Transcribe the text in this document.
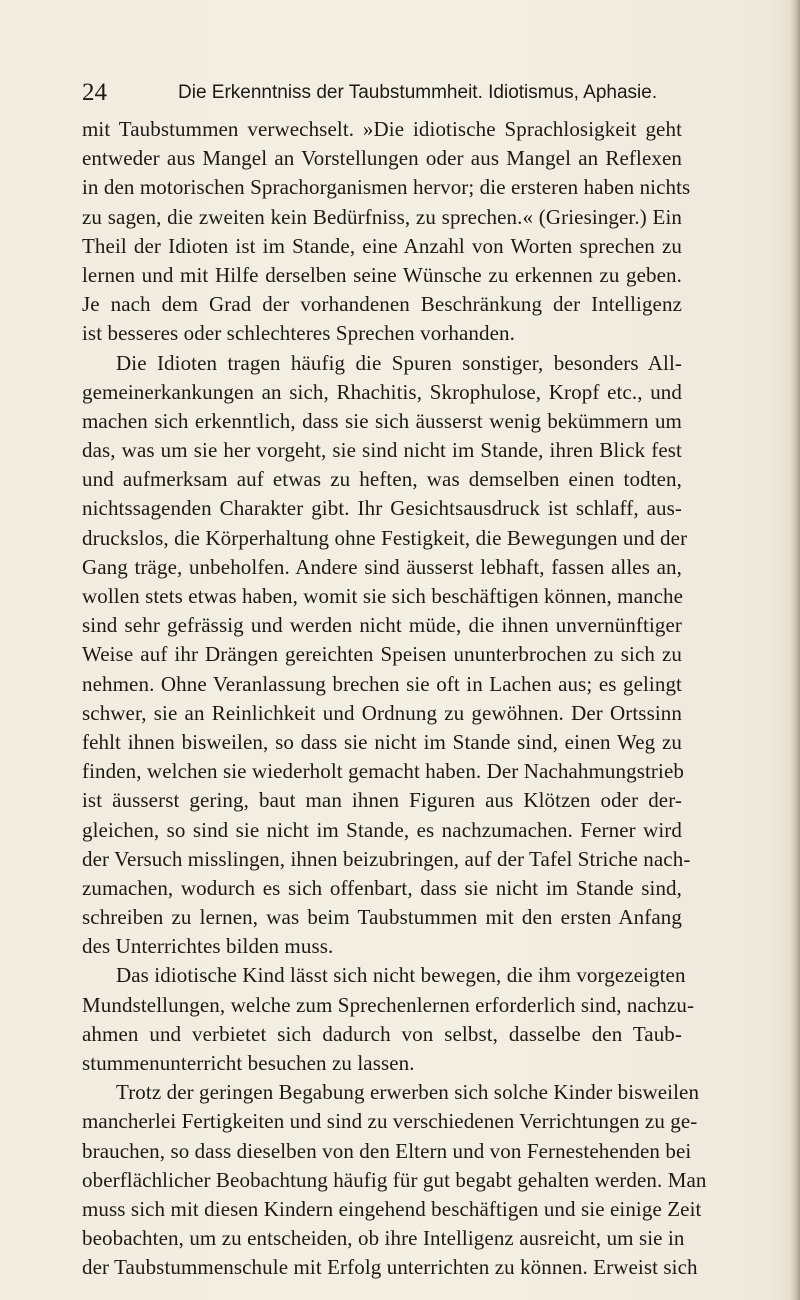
24	Die Erkenntniss der Taubstummheit. Idiotismus, Aphasie.
mit Taubstummen verwechselt. »Die idiotische Sprachlosigkeit geht
entweder aus Mangel an Vorstellungen oder aus Mangel an Reflexen
in den motorischen Sprachorganismen hervor; die ersteren haben nichts
zu sagen, die zweiten kein Bedürfniss, zu sprechen.« (Griesinger.) Ein
Theil der Idioten ist im Stande, eine Anzahl von Worten sprechen zu
lernen und mit Hilfe derselben seine Wünsche zu erkennen zu geben.
Je nach dem Grad der vorhandenen Beschränkung der Intelligenz
ist besseres oder schlechteres Sprechen vorhanden.
Die Idioten tragen häufig die Spuren sonstiger, besonders All-
gemeinerkankungen an sich, Rhachitis, Skrophulose, Kropf etc., und
machen sich erkenntlich, dass sie sich äusserst wenig bekümmern um
das, was um sie her vorgeht, sie sind nicht im Stande, ihren Blick fest
und aufmerksam auf etwas zu heften, was demselben einen todten,
nichtssagenden Charakter gibt. Ihr Gesichtsausdruck ist schlaff, aus-
druckslos, die Körperhaltung ohne Festigkeit, die Bewegungen und der
Gang träge, unbeholfen. Andere sind äusserst lebhaft, fassen alles an,
wollen stets etwas haben, womit sie sich beschäftigen können, manche
sind sehr gefrässig und werden nicht müde, die ihnen unvernünftiger
Weise auf ihr Drängen gereichten Speisen ununterbrochen zu sich zu
nehmen. Ohne Veranlassung brechen sie oft in Lachen aus; es gelingt
schwer, sie an Reinlichkeit und Ordnung zu gewöhnen. Der Ortssinn
fehlt ihnen bisweilen, so dass sie nicht im Stande sind, einen Weg zu
finden, welchen sie wiederholt gemacht haben. Der Nachahmungstrieb
ist äusserst gering, baut man ihnen Figuren aus Klötzen oder der-
gleichen, so sind sie nicht im Stande, es nachzumachen. Ferner wird
der Versuch misslingen, ihnen beizubringen, auf der Tafel Striche nach-
zumachen, wodurch es sich offenbart, dass sie nicht im Stande sind,
schreiben zu lernen, was beim Taubstummen mit den ersten Anfang
des Unterrichtes bilden muss.
Das idiotische Kind lässt sich nicht bewegen, die ihm vorgezeigten
Mundstellungen, welche zum Sprechenlernen erforderlich sind, nachzu-
ahmen und verbietet sich dadurch von selbst, dasselbe den Taub-
stummenunterricht besuchen zu lassen.
Trotz der geringen Begabung erwerben sich solche Kinder bisweilen
mancherlei Fertigkeiten und sind zu verschiedenen Verrichtungen zu ge-
brauchen, so dass dieselben von den Eltern und von Fernestehenden bei
oberflächlicher Beobachtung häufig für gut begabt gehalten werden. Man
muss sich mit diesen Kindern eingehend beschäftigen und sie einige Zeit
beobachten, um zu entscheiden, ob ihre Intelligenz ausreicht, um sie in
der Taubstummenschule mit Erfolg unterrichten zu können. Erweist sich
